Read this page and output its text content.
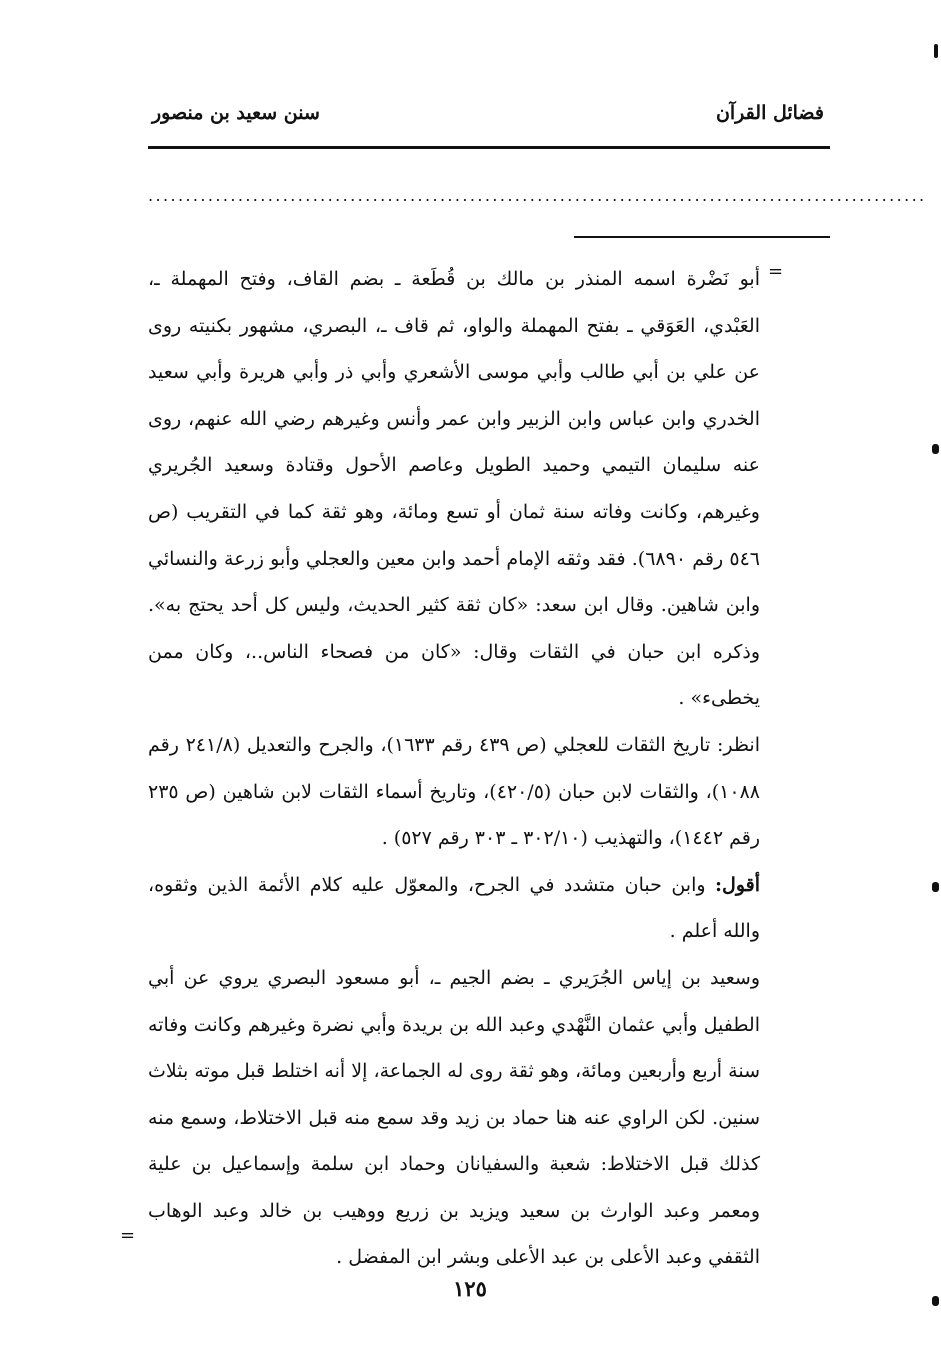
فضائل القرآن
سنن سعيد بن منصور
........................................................................................................
=

أبو نَضْرة اسمه المنذر بن مالك بن قُطَعة ـ بضم القاف، وفتح المهملة ـ، العَبْدي، العَوَقي ـ بفتح المهملة والواو، ثم قاف ـ، البصري، مشهور بكنيته روى عن علي بن أبي طالب وأبي موسى الأشعري وأبي ذر وأبي هريرة وأبي سعيد الخدري وابن عباس وابن الزبير وابن عمر وأنس وغيرهم رضي الله عنهم، روى عنه سليمان التيمي وحميد الطويل وعاصم الأحول وقتادة وسعيد الجُريري وغيرهم، وكانت وفاته سنة ثمان أو تسع ومائة، وهو ثقة كما في التقريب (ص ٥٤٦ رقم ٦٨٩٠). فقد وثقه الإمام أحمد وابن معين والعجلي وأبو زرعة والنسائي وابن شاهين. وقال ابن سعد: «كان ثقة كثير الحديث، وليس كل أحد يحتج به». وذكره ابن حبان في الثقات وقال: «كان من فصحاء الناس..، وكان ممن يخطىء» .

انظر: تاريخ الثقات للعجلي (ص ٤٣٩ رقم ١٦٣٣)، والجرح والتعديل (٢٤١/٨ رقم ١٠٨٨)، والثقات لابن حبان (٤٢٠/٥)، وتاريخ أسماء الثقات لابن شاهين (ص ٢٣٥ رقم ١٤٤٢)، والتهذيب (٣٠٢/١٠ ـ ٣٠٣ رقم ٥٢٧) .

أقول: وابن حبان متشدد في الجرح، والمعوّل عليه كلام الأئمة الذين وثقوه، والله أعلم .

وسعيد بن إياس الجُرَيري ـ بضم الجيم ـ، أبو مسعود البصري يروي عن أبي الطفيل وأبي عثمان النَّهْدي وعبد الله بن بريدة وأبي نضرة وغيرهم وكانت وفاته سنة أربع وأربعين ومائة، وهو ثقة روى له الجماعة، إلا أنه اختلط قبل موته بثلاث سنين. لكن الراوي عنه هنا حماد بن زيد وقد سمع منه قبل الاختلاط، وسمع منه كذلك قبل الاختلاط: شعبة والسفيانان وحماد ابن سلمة وإسماعيل بن علية ومعمر وعبد الوارث بن سعيد ويزيد بن زريع ووهيب بن خالد وعبد الوهاب الثقفي وعبد الأعلى بن عبد الأعلى وبشر ابن المفضل .

=
١٢٥
